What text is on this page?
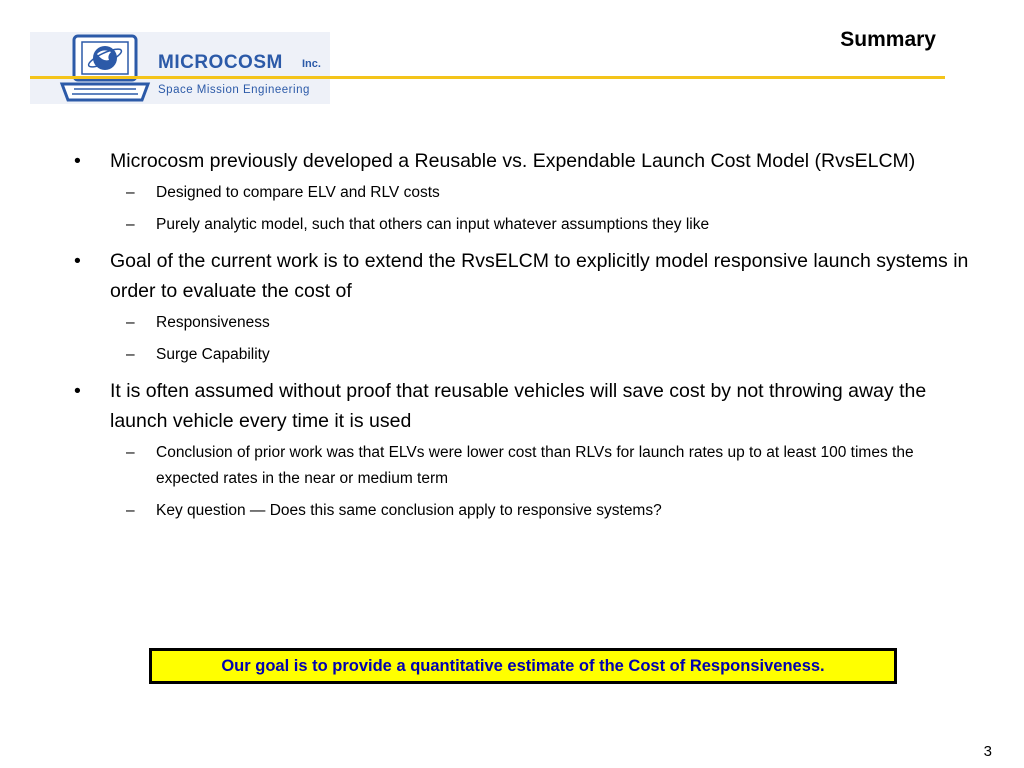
MICROCOSM Inc.
Space Mission Engineering
Summary
• Microcosm previously developed a Reusable vs. Expendable Launch Cost Model (RvsELCM)
– Designed to compare ELV and RLV costs
– Purely analytic model, such that others can input whatever assumptions they like
• Goal of the current work is to extend the RvsELCM to explicitly model responsive launch systems in order to evaluate the cost of
– Responsiveness
– Surge Capability
• It is often assumed without proof that reusable vehicles will save cost by not throwing away the launch vehicle every time it is used
– Conclusion of prior work was that ELVs were lower cost than RLVs for launch rates up to at least 100 times the expected rates in the near or medium term
– Key question — Does this same conclusion apply to responsive systems?
Our goal is to provide a quantitative estimate of the Cost of Responsiveness.
3
